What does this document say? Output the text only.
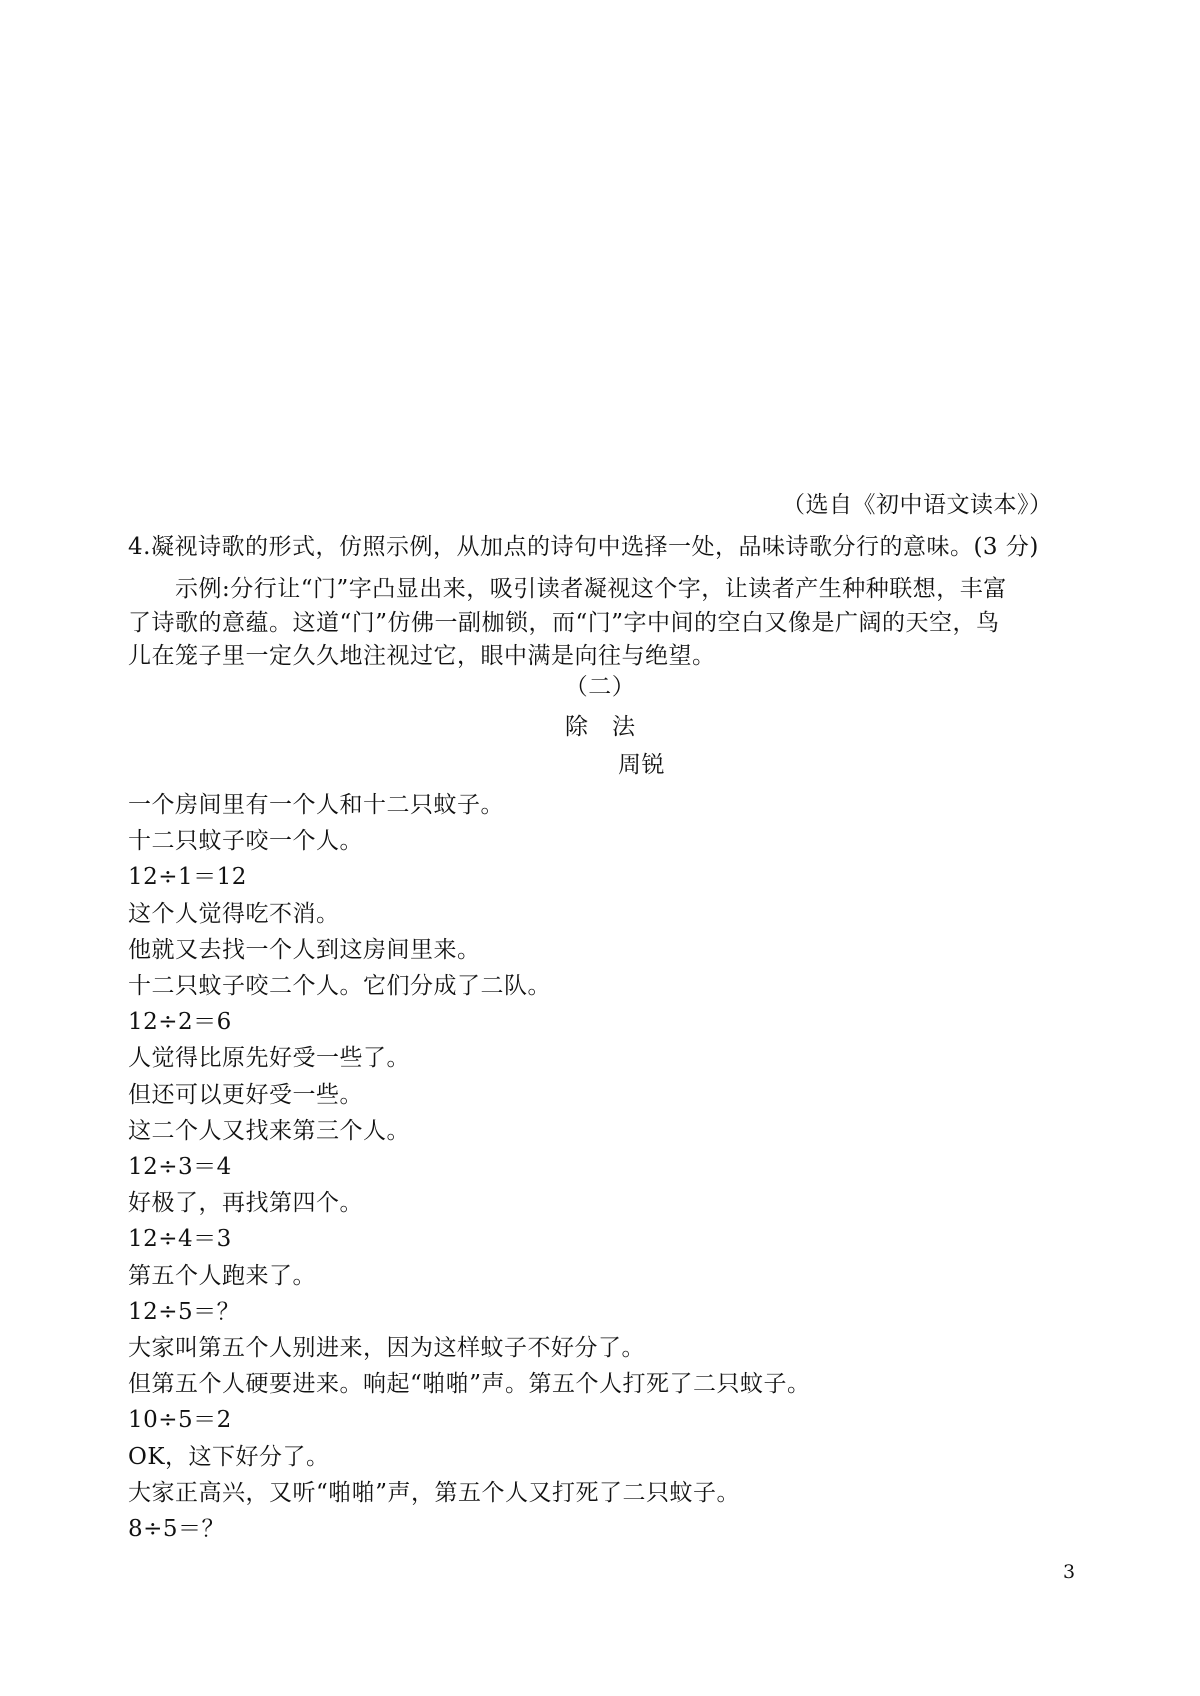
（选自《初中语文读本》）
4.凝视诗歌的形式，仿照示例，从加点的诗句中选择一处，品味诗歌分行的意味。(3 分)
　　示例:分行让“门”字凸显出来，吸引读者凝视这个字，让读者产生种种联想，丰富
了诗歌的意蕴。这道“门”仿佛一副枷锁，而“门”字中间的空白又像是广阔的天空，鸟
儿在笼子里一定久久地注视过它，眼中满是向往与绝望。
（二）
除法
周锐
一个房间里有一个人和十二只蚊子。
十二只蚊子咬一个人。
12÷1＝12
这个人觉得吃不消。
他就又去找一个人到这房间里来。
十二只蚊子咬二个人。它们分成了二队。
12÷2＝6
人觉得比原先好受一些了。
但还可以更好受一些。
这二个人又找来第三个人。
12÷3＝4
好极了，再找第四个。
12÷4＝3
第五个人跑来了。
12÷5＝？
大家叫第五个人别进来，因为这样蚊子不好分了。
但第五个人硬要进来。响起“啪啪”声。第五个人打死了二只蚊子。
10÷5＝2
OK，这下好分了。
大家正高兴，又听“啪啪”声，第五个人又打死了二只蚊子。
8÷5＝？
3
